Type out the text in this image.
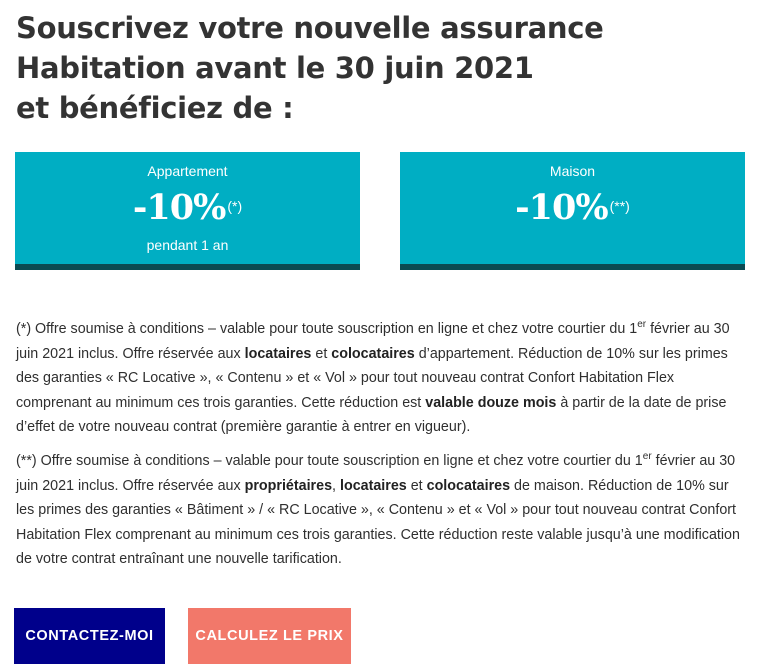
Souscrivez votre nouvelle assurance
Habitation avant le 30 juin 2021
et bénéficiez de :
Appartement
-10% (*)
pendant 1 an
Maison
-10% (**)

(*) Offre soumise à conditions – valable pour toute souscription en ligne et chez votre courtier du 1er février au 30 juin 2021 inclus. Offre réservée aux locataires et colocataires d’appartement. Réduction de 10% sur les primes des garanties « RC Locative », « Contenu » et « Vol » pour tout nouveau contrat Confort Habitation Flex comprenant au minimum ces trois garanties. Cette réduction est valable douze mois à partir de la date de prise d’effet de votre nouveau contrat (première garantie à entrer en vigueur).

(**) Offre soumise à conditions – valable pour toute souscription en ligne et chez votre courtier du 1er février au 30 juin 2021 inclus. Offre réservée aux propriétaires, locataires et colocataires de maison. Réduction de 10% sur les primes des garanties « Bâtiment » / « RC Locative », « Contenu » et « Vol » pour tout nouveau contrat Confort Habitation Flex comprenant au minimum ces trois garanties. Cette réduction reste valable jusqu’à une modification de votre contrat entraînant une nouvelle tarification.

CONTACTEZ-MOI	CALCULEZ LE PRIX
